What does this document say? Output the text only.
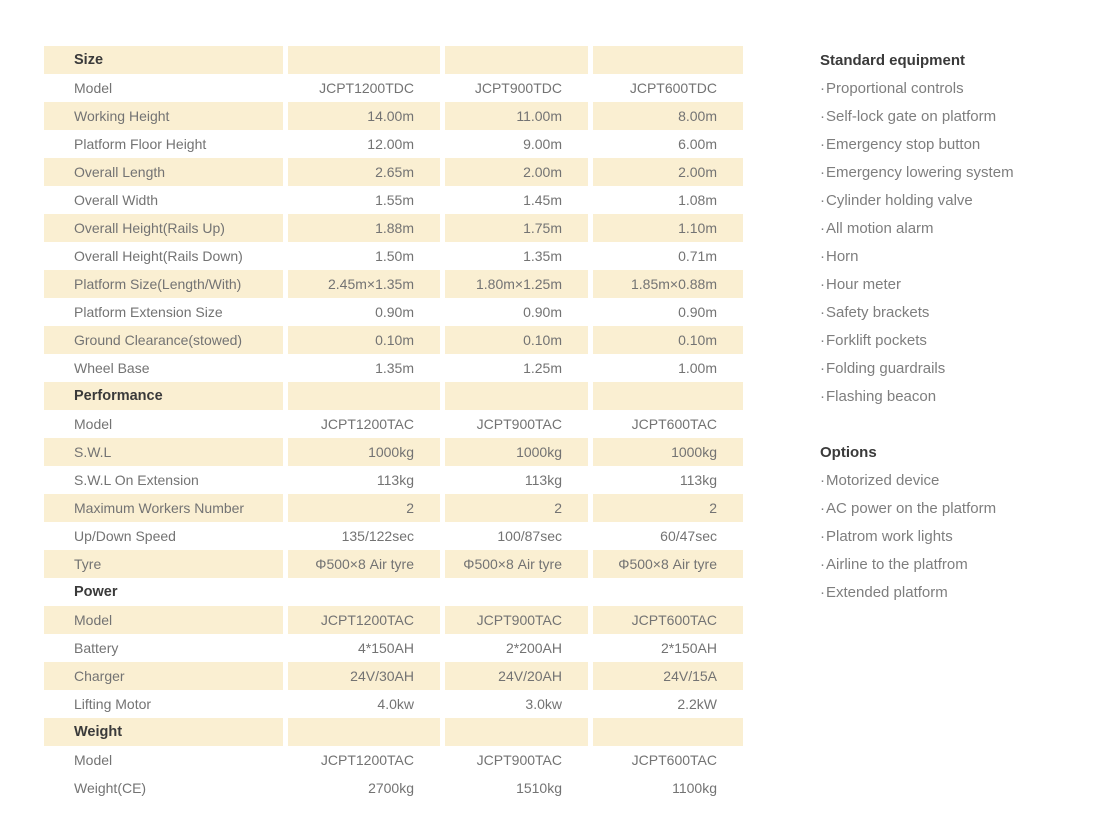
Size
Model	JCPT1200TDC	JCPT900TDC	JCPT600TDC
Working Height	14.00m	11.00m	8.00m
Platform Floor Height	12.00m	9.00m	6.00m
Overall Length	2.65m	2.00m	2.00m
Overall Width	1.55m	1.45m	1.08m
Overall Height(Rails Up)	1.88m	1.75m	1.10m
Overall Height(Rails Down)	1.50m	1.35m	0.71m
Platform Size(Length/With)	2.45m×1.35m	1.80m×1.25m	1.85m×0.88m
Platform Extension Size	0.90m	0.90m	0.90m
Ground Clearance(stowed)	0.10m	0.10m	0.10m
Wheel Base	1.35m	1.25m	1.00m
Performance
Model	JCPT1200TAC	JCPT900TAC	JCPT600TAC
S.W.L	1000kg	1000kg	1000kg
S.W.L On Extension	113kg	113kg	113kg
Maximum Workers Number	2	2	2
Up/Down Speed	135/122sec	100/87sec	60/47sec
Tyre	Φ500×8 Air tyre	Φ500×8 Air tyre	Φ500×8 Air tyre
Power
Model	JCPT1200TAC	JCPT900TAC	JCPT600TAC
Battery	4*150AH	2*200AH	2*150AH
Charger	24V/30AH	24V/20AH	24V/15A
Lifting Motor	4.0kw	3.0kw	2.2kW
Weight
Model	JCPT1200TAC	JCPT900TAC	JCPT600TAC
Weight(CE)	2700kg	1510kg	1100kg
Standard equipment
· Proportional controls
· Self-lock gate on platform
· Emergency stop button
· Emergency lowering system
· Cylinder holding valve
· All motion alarm
· Horn
· Hour meter
· Safety brackets
· Forklift pockets
· Folding guardrails
· Flashing beacon
Options
· Motorized device
· AC power on the platform
· Platrom work lights
· Airline to the platfrom
· Extended platform
